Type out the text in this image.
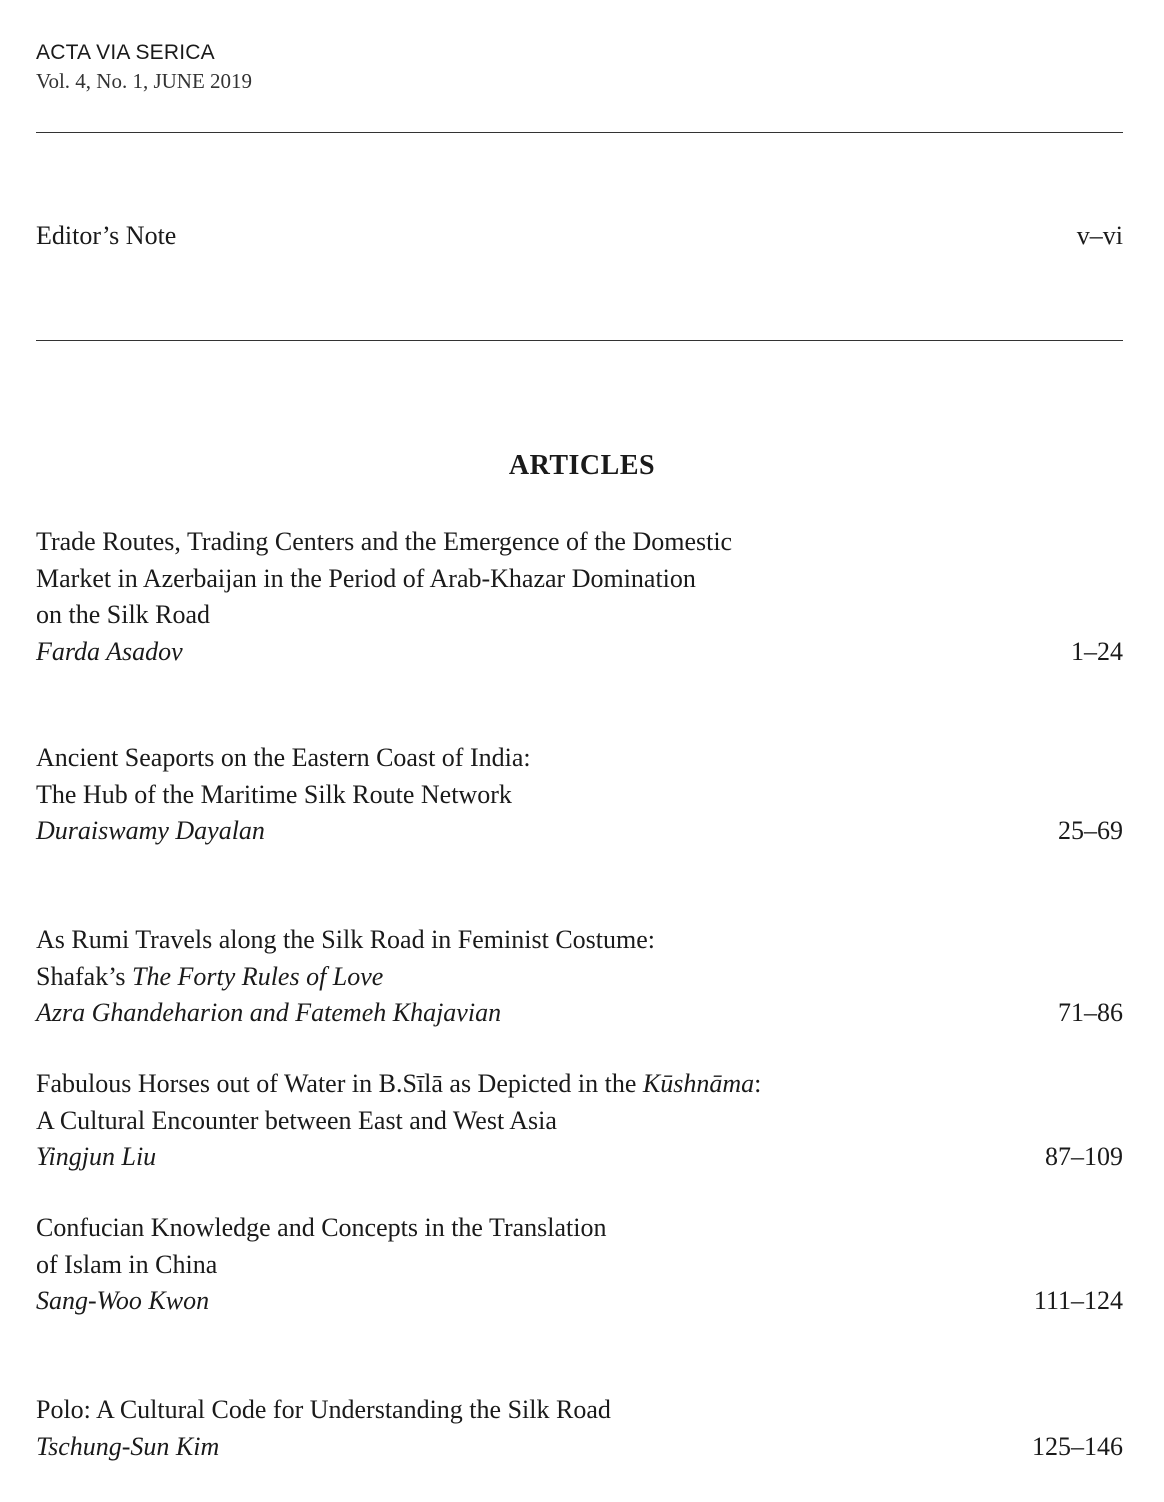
ACTA VIA SERICA
Vol. 4, No. 1, JUNE 2019
Editor’s Note	v–vi
ARTICLES
Trade Routes, Trading Centers and the Emergence of the Domestic
Market in Azerbaijan in the Period of Arab-Khazar Domination
on the Silk Road
Farda Asadov	1–24
Ancient Seaports on the Eastern Coast of India:
The Hub of the Maritime Silk Route Network
Duraiswamy Dayalan	25–69
As Rumi Travels along the Silk Road in Feminist Costume:
Shafak’s The Forty Rules of Love
Azra Ghandeharion and Fatemeh Khajavian	71–86
Fabulous Horses out of Water in B.Sīlā as Depicted in the Kūshnāma:
A Cultural Encounter between East and West Asia
Yingjun Liu	87–109
Confucian Knowledge and Concepts in the Translation
of Islam in China
Sang-Woo Kwon	111–124
Polo: A Cultural Code for Understanding the Silk Road
Tschung-Sun Kim	125–146
